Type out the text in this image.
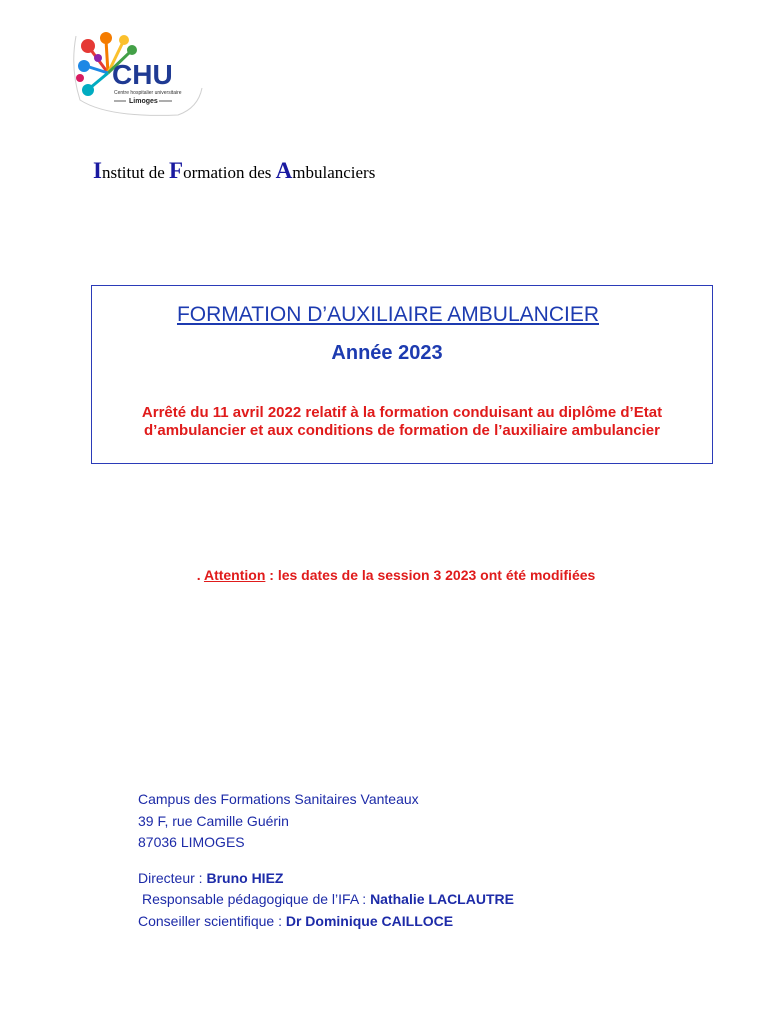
CHU
Centre hospitalier universitaire
Limoges
Institut de Formation des Ambulanciers
FORMATION D’AUXILIAIRE AMBULANCIER
Année 2023
Arrêté du 11 avril 2022 relatif à la formation conduisant au diplôme d’Etat
d’ambulancier et aux conditions de formation de l’auxiliaire ambulancier
. Attention : les dates de la session 3 2023 ont été modifiées
Campus des Formations Sanitaires Vanteaux
39 F, rue Camille Guérin
87036 LIMOGES
Directeur : Bruno HIEZ
Responsable pédagogique de l’IFA : Nathalie LACLAUTRE
Conseiller scientifique : Dr Dominique CAILLOCE
